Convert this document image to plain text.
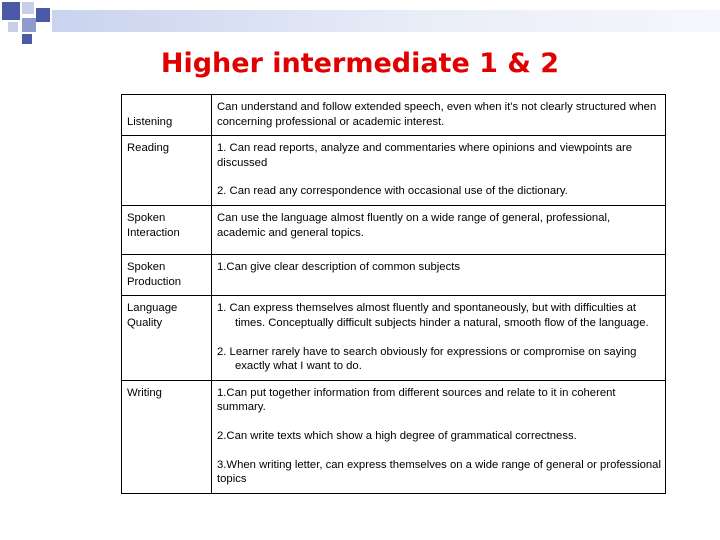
Higher intermediate 1 & 2
Listening	Can understand and follow extended speech, even when it's not clearly structured when concerning professional or academic interest.

Reading	1. Can read reports, analyze and commentaries where opinions and viewpoints are discussed

2. Can read any correspondence with occasional use of the dictionary.

Spoken Interaction	Can use the language almost fluently on a wide range of general, professional, academic and general topics.

Spoken Production	1.Can give clear description of common subjects

Language Quality	1. Can express themselves almost fluently and spontaneously, but with difficulties at times. Conceptually difficult subjects hinder a natural, smooth flow of the language.

2. Learner rarely have to search obviously for expressions or compromise on saying exactly what I want to do.

Writing	1.Can put together information from different sources and relate to it in coherent summary.

2.Can write texts which show a high degree of grammatical correctness.

3.When writing letter, can express themselves on a wide range of general or professional topics
